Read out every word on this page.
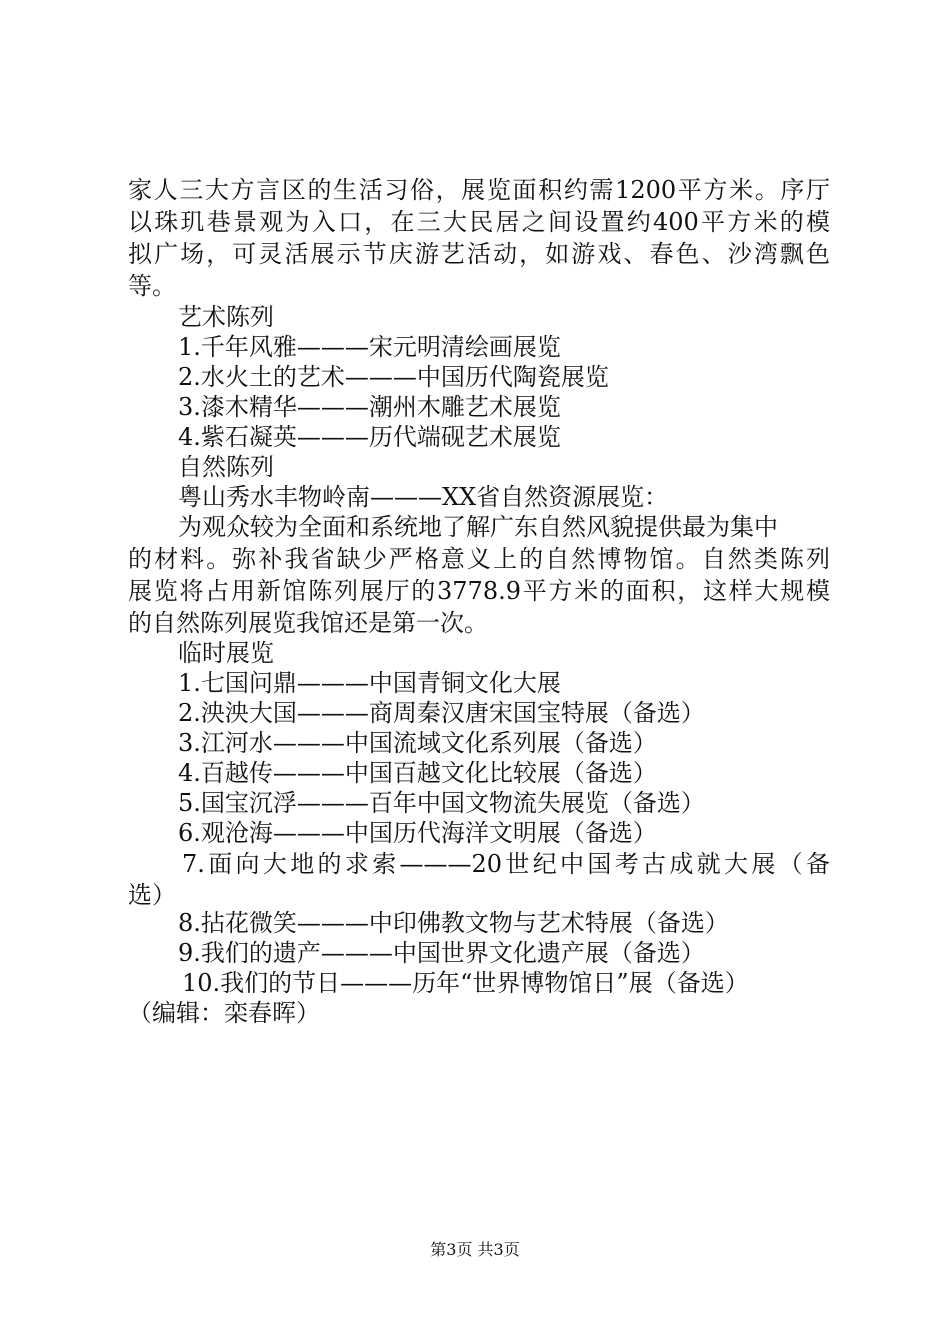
家人三大方言区的生活习俗，展览面积约需1200平方米。序厅
以珠玑巷景观为入口，在三大民居之间设置约400平方米的模
拟广场，可灵活展示节庆游艺活动，如游戏、春色、沙湾飘色
等。
艺术陈列
1.千年风雅———宋元明清绘画展览
2.水火土的艺术———中国历代陶瓷展览
3.漆木精华———潮州木雕艺术展览
4.紫石凝英———历代端砚艺术展览
自然陈列
粤山秀水丰物岭南———XX省自然资源展览：
为观众较为全面和系统地了解广东自然风貌提供最为集中
的材料。弥补我省缺少严格意义上的自然博物馆。自然类陈列
展览将占用新馆陈列展厅的3778.9平方米的面积，这样大规模
的自然陈列展览我馆还是第一次。
临时展览
1.七国问鼎———中国青铜文化大展
2.泱泱大国———商周秦汉唐宋国宝特展（备选）
3.江河水———中国流域文化系列展（备选）
4.百越传———中国百越文化比较展（备选）
5.国宝沉浮———百年中国文物流失展览（备选）
6.观沧海———中国历代海洋文明展（备选）
7.面向大地的求索———20世纪中国考古成就大展（备
选）
8.拈花微笑———中印佛教文物与艺术特展（备选）
9.我们的遗产———中国世界文化遗产展（备选）
10.我们的节日———历年“世界博物馆日”展（备选）
（编辑：栾春晖）
第3页 共3页
